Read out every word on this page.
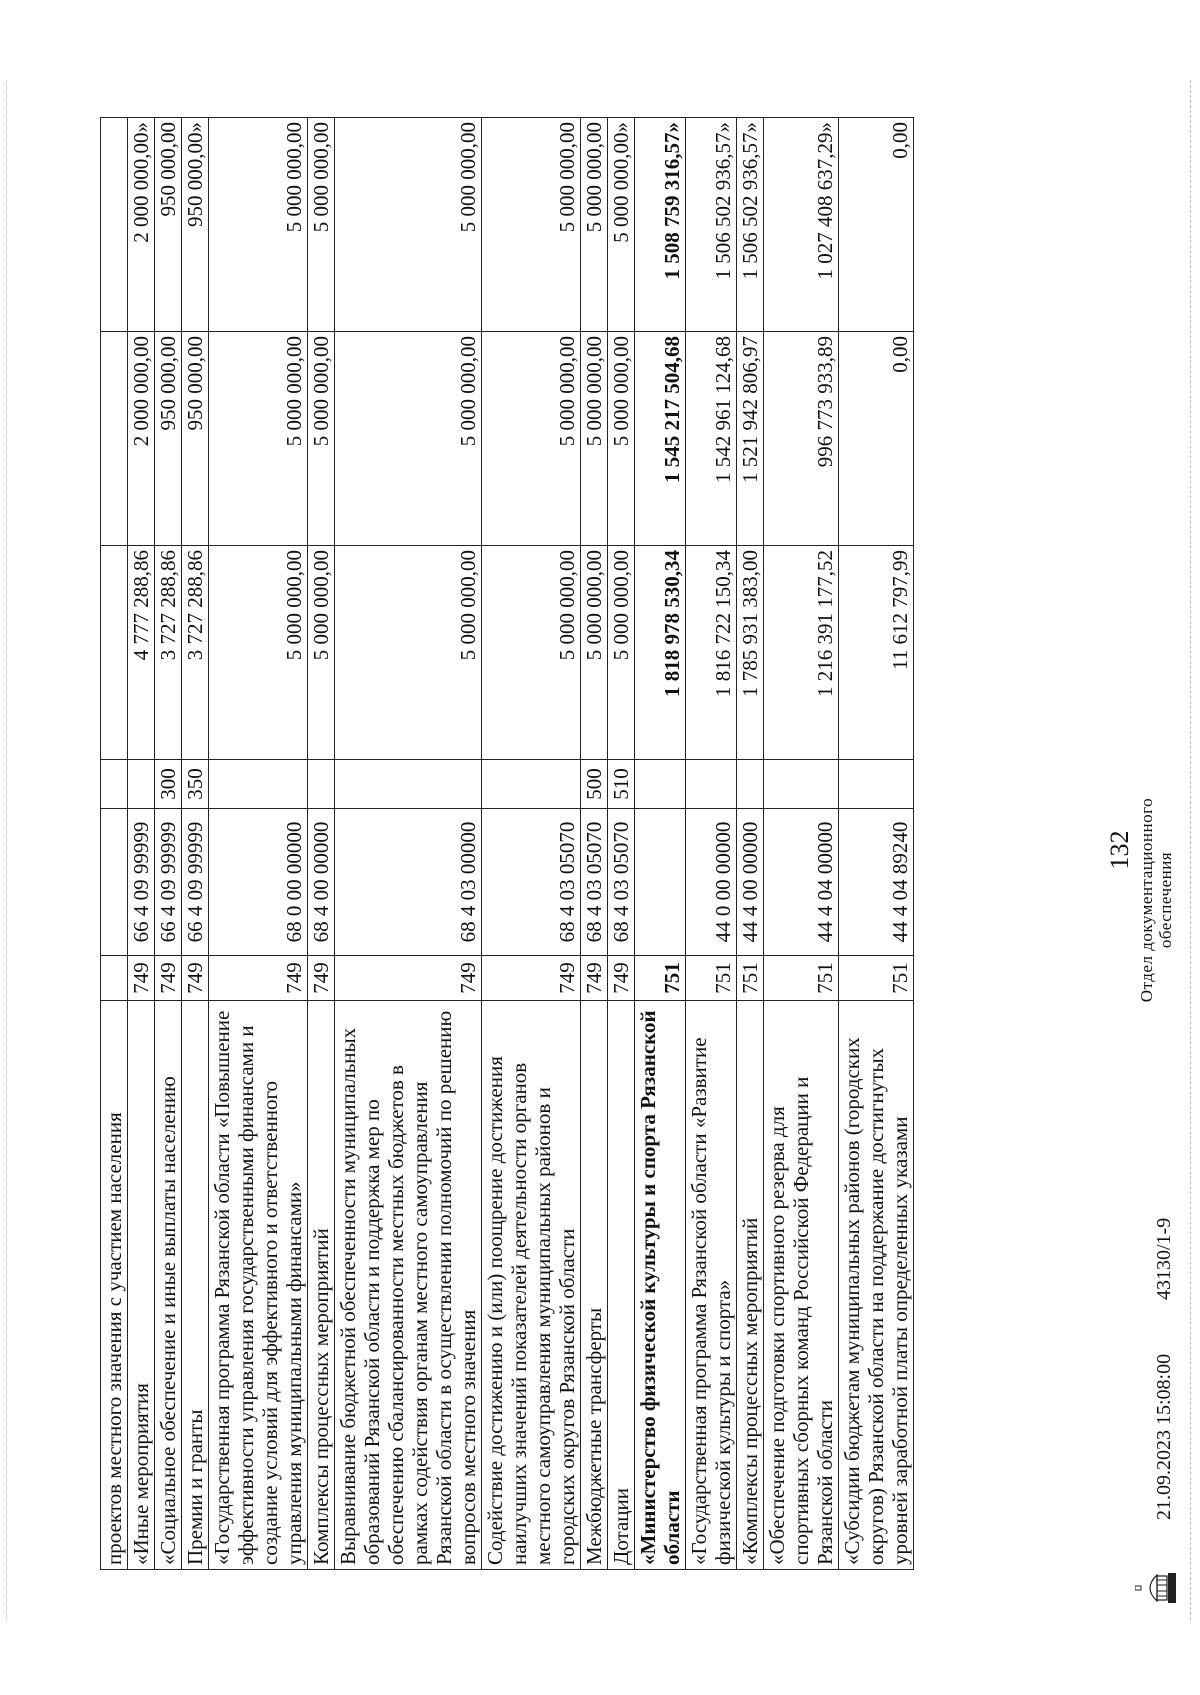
проектов местного значения с участием населения						
«Иные мероприятия	749	66 4 09 99999		4 777 288,86	2 000 000,00	2 000 000,00»
«Социальное обеспечение и иные выплаты населению	749	66 4 09 99999	300	3 727 288,86	950 000,00	950 000,00
Премии и гранты	749	66 4 09 99999	350	3 727 288,86	950 000,00	950 000,00»
«Государственная программа Рязанской области «Повышение эффективности управления государственными финансами и создание условий для эффективного и ответственного управления муниципальными финансами»	749	68 0 00 00000		5 000 000,00	5 000 000,00	5 000 000,00
Комплексы процессных мероприятий	749	68 4 00 00000		5 000 000,00	5 000 000,00	5 000 000,00
Выравнивание бюджетной обеспеченности муниципальных образований Рязанской области и поддержка мер по обеспечению сбалансированности местных бюджетов в рамках содействия органам местного самоуправления Рязанской области в осуществлении полномочий по решению вопросов местного значения	749	68 4 03 00000		5 000 000,00	5 000 000,00	5 000 000,00
Содействие достижению и (или) поощрение достижения наилучших значений показателей деятельности органов местного самоуправления муниципальных районов и городских округов Рязанской области	749	68 4 03 05070		5 000 000,00	5 000 000,00	5 000 000,00
Межбюджетные трансферты	749	68 4 03 05070	500	5 000 000,00	5 000 000,00	5 000 000,00
Дотации	749	68 4 03 05070	510	5 000 000,00	5 000 000,00	5 000 000,00»
«Министерство физической культуры и спорта Рязанской области	751			1 818 978 530,34	1 545 217 504,68	1 508 759 316,57»
«Государственная программа Рязанской области «Развитие физической культуры и спорта»	751	44 0 00 00000		1 816 722 150,34	1 542 961 124,68	1 506 502 936,57»
«Комплексы процессных мероприятий	751	44 4 00 00000		1 785 931 383,00	1 521 942 806,97	1 506 502 936,57»
«Обеспечение подготовки спортивного резерва для спортивных сборных команд Российской Федерации и Рязанской области	751	44 4 04 00000		1 216 391 177,52	996 773 933,89	1 027 408 637,29»
«Субсидии бюджетам муниципальных районов (городских округов) Рязанской области на поддержание достигнутых уровней заработной платы определенных указами	751	44 4 04 89240		11 612 797,99	0,00	0,00
132
21.09.2023 15:08:00
43130/1-9
Отдел документационного обеспечения
